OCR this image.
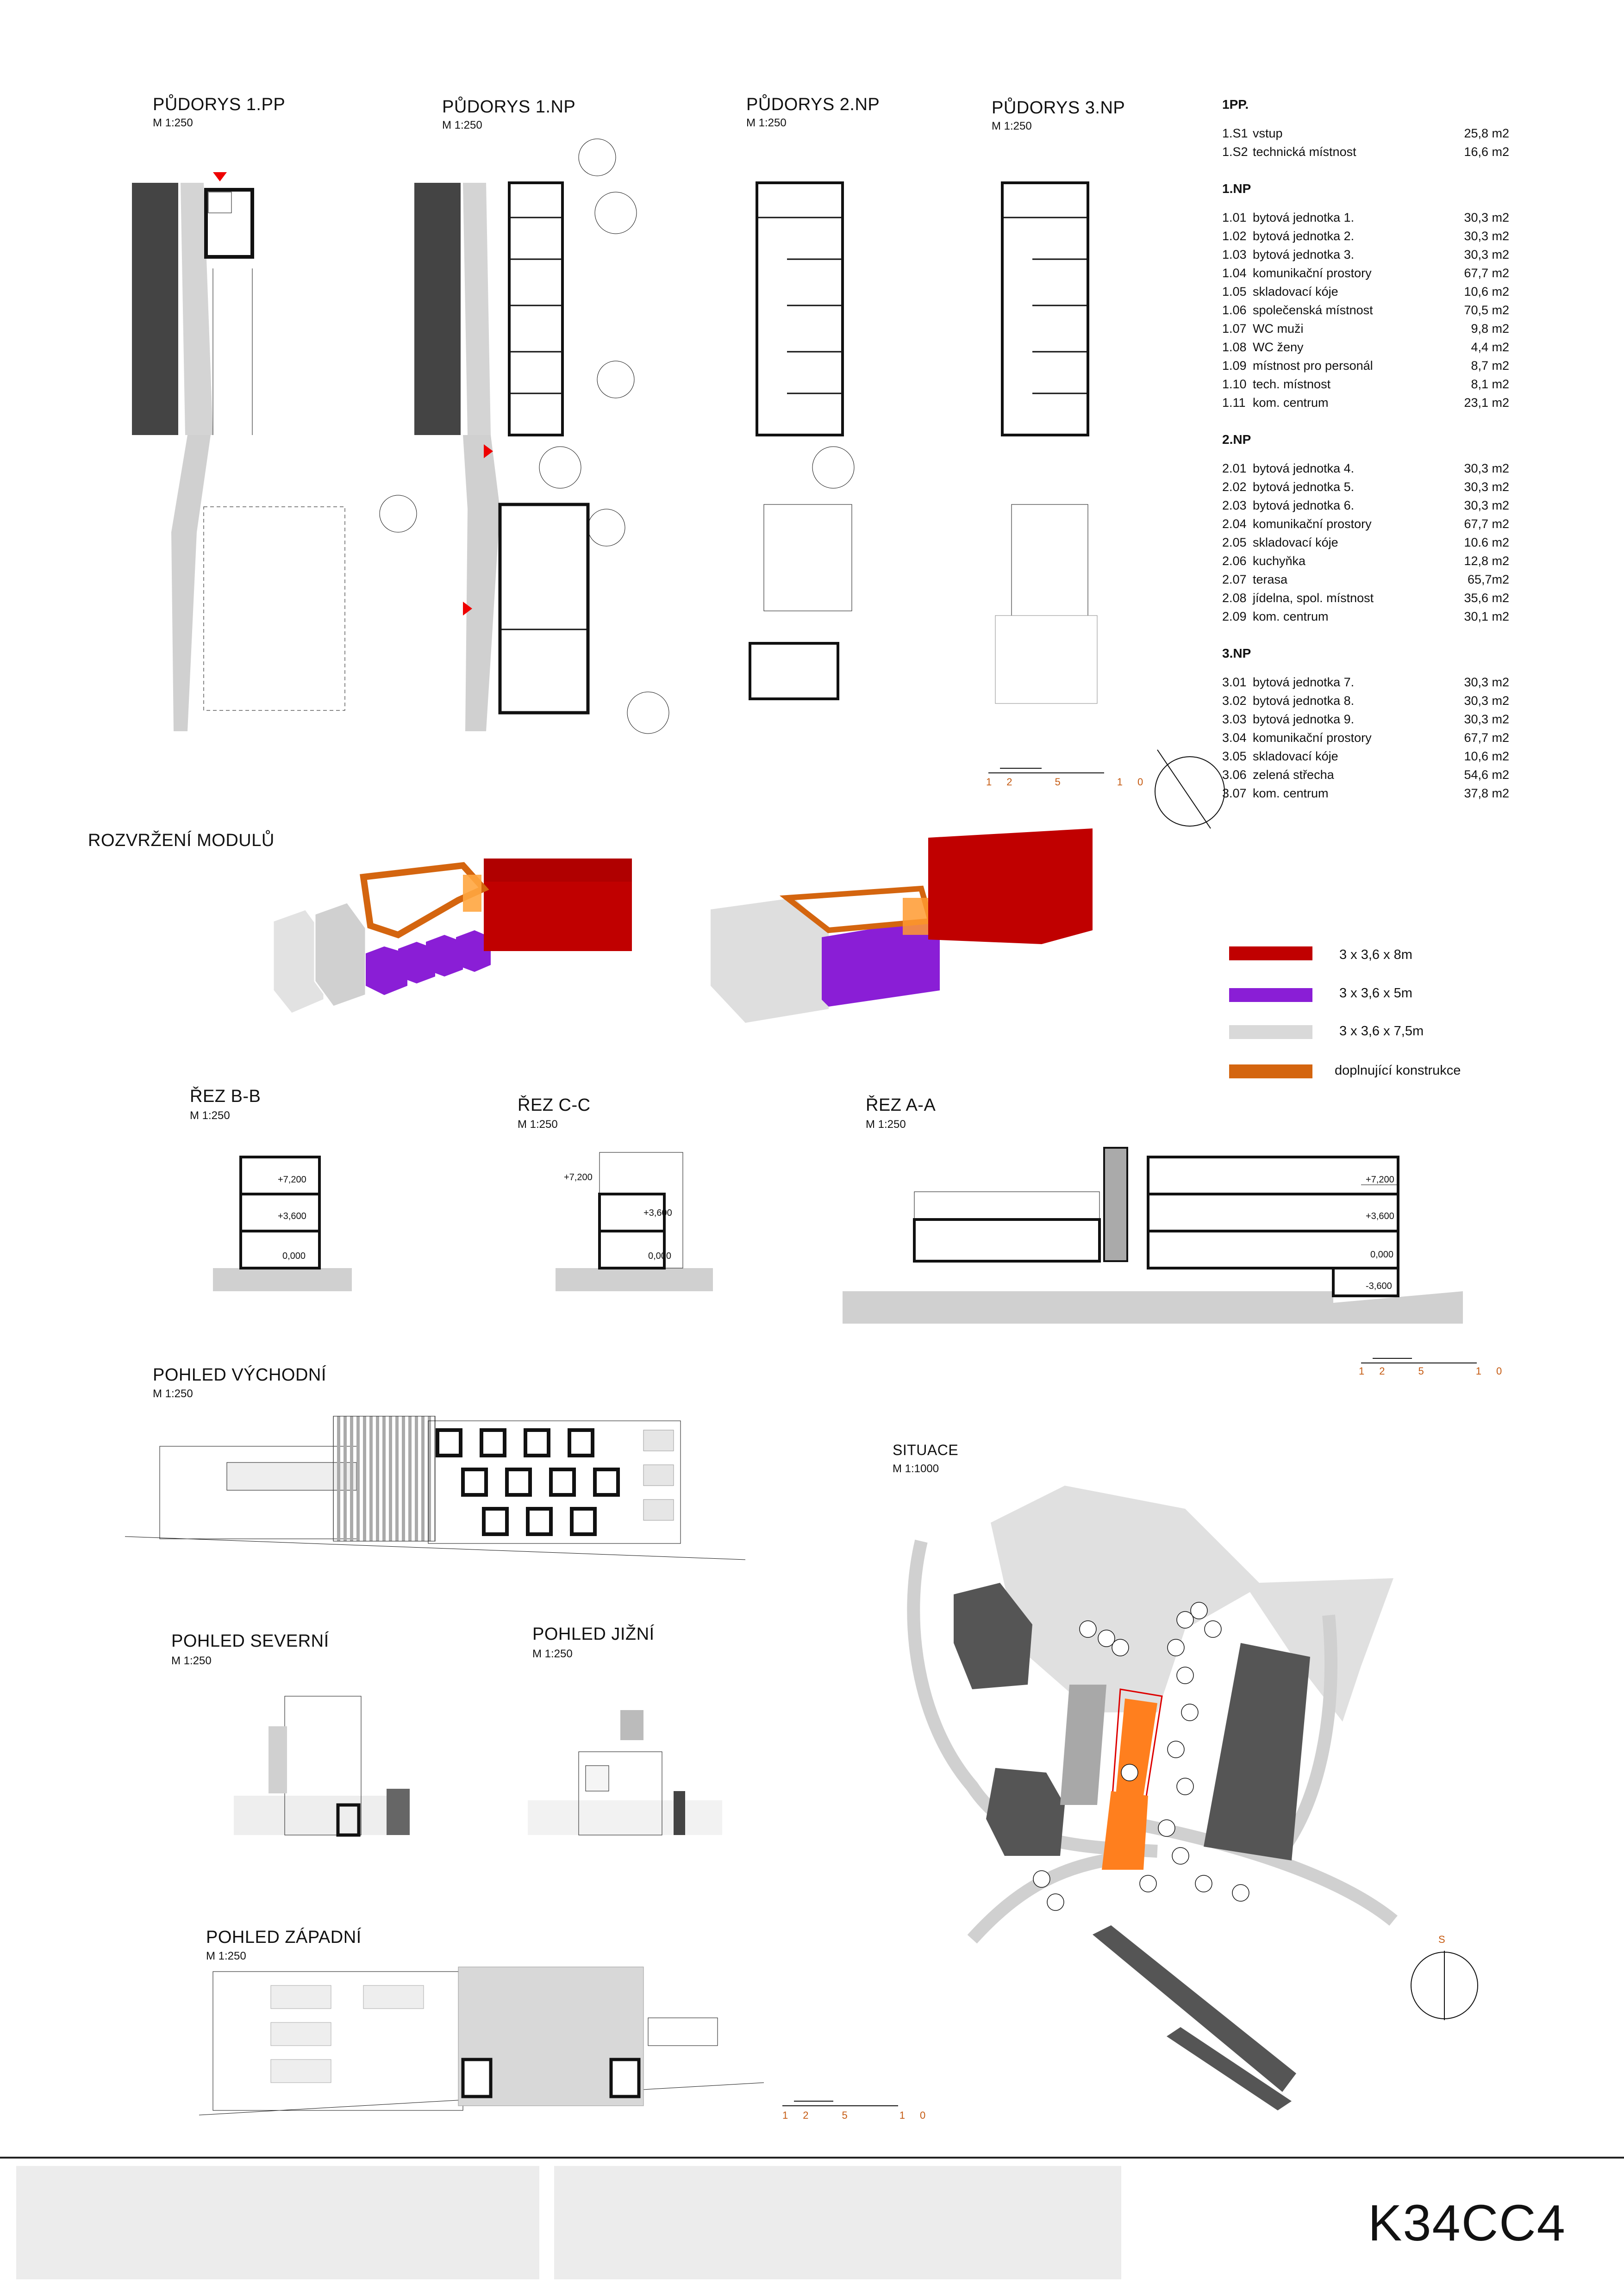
PŮDORYS 1.PP
M 1:250
PŮDORYS 1.NP
M 1:250
PŮDORYS 2.NP
M 1:250
PŮDORYS 3.NP
M 1:250
12	5	10
1PP.
1.S1 vstup	25,8 m2
1.S2 technická místnost	16,6 m2
1.NP
1.01 bytová jednotka 1.	30,3 m2
1.02 bytová jednotka 2.	30,3 m2
1.03 bytová jednotka 3.	30,3 m2
1.04 komunikační prostory	67,7 m2
1.05 skladovací kóje	10,6 m2
1.06 společenská místnost	70,5 m2
1.07 WC muži	9,8 m2
1.08 WC ženy	4,4 m2
1.09 místnost pro personál	8,7 m2
1.10 tech. místnost	8,1 m2
1.11 kom. centrum	23,1 m2
2.NP
2.01 bytová jednotka 4.	30,3 m2
2.02 bytová jednotka 5.	30,3 m2
2.03 bytová jednotka 6.	30,3 m2
2.04 komunikační prostory	67,7 m2
2.05 skladovací kóje	10.6 m2
2.06 kuchyňka	12,8 m2
2.07 terasa	65,7m2
2.08 jídelna, spol. místnost	35,6 m2
2.09 kom. centrum	30,1 m2
3.NP
3.01 bytová jednotka 7.	30,3 m2
3.02 bytová jednotka 8.	30,3 m2
3.03 bytová jednotka 9.	30,3 m2
3.04 komunikační prostory	67,7 m2
3.05 skladovací kóje	10,6 m2
3.06 zelená střecha	54,6 m2
3.07 kom. centrum	37,8 m2
ROZVRŽENÍ MODULŮ
3 x 3,6 x 8m
3 x 3,6 x 5m
3 x 3,6 x 7,5m
doplnující konstrukce
ŘEZ B-B
M 1:250
ŘEZ C-C
M 1:250
ŘEZ A-A
M 1:250
+7,200
+3,600
0,000
+7,200
+3,600
0,000
+7,200
+3,600
0,000
-3,600
12 5	10
POHLED VÝCHODNÍ
M 1:250
POHLED SEVERNÍ
M 1:250
POHLED JIŽNÍ
M 1:250
POHLED ZÁPADNÍ
M 1:250
12 5	10
SITUACE
M 1:1000
S
K34CC4
